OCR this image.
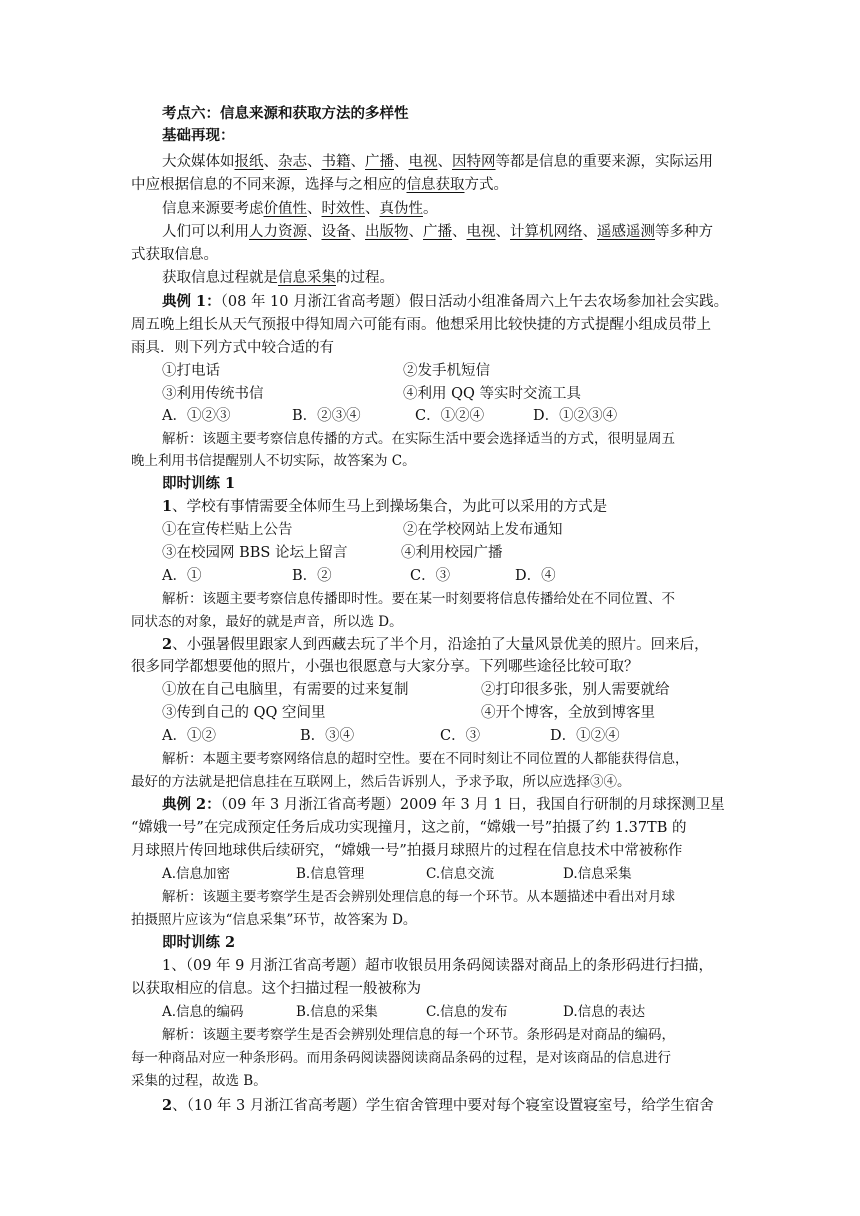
考点六：信息来源和获取方法的多样性
基础再现：
大众媒体如报纸、杂志、书籍、广播、电视、因特网等都是信息的重要来源，实际运用
中应根据信息的不同来源，选择与之相应的信息获取方式。
信息来源要考虑价值性、时效性、真伪性。
人们可以利用人力资源、设备、出版物、广播、电视、计算机网络、遥感遥测等多种方
式获取信息。
获取信息过程就是信息采集的过程。
典例 1：（08 年 10 月浙江省高考题）假日活动小组准备周六上午去农场参加社会实践。
周五晚上组长从天气预报中得知周六可能有雨。他想采用比较快捷的方式提醒小组成员带上
雨具．则下列方式中较合适的有
①打电话	②发手机短信
③利用传统书信	④利用 QQ 等实时交流工具
A．①②③	B．②③④	C．①②④	D．①②③④
解析：该题主要考察信息传播的方式。在实际生活中要会选择适当的方式，很明显周五
晚上利用书信提醒别人不切实际，故答案为 C。
即时训练 1
1、学校有事情需要全体师生马上到操场集合，为此可以采用的方式是
①在宣传栏贴上公告	②在学校网站上发布通知
③在校园网 BBS 论坛上留言	④利用校园广播
A．①	B．②	C．③	D．④
解析：该题主要考察信息传播即时性。要在某一时刻要将信息传播给处在不同位置、不
同状态的对象，最好的就是声音，所以选 D。
2、小强暑假里跟家人到西藏去玩了半个月，沿途拍了大量风景优美的照片。回来后，
很多同学都想要他的照片，小强也很愿意与大家分享。下列哪些途径比较可取？
①放在自己电脑里，有需要的过来复制	②打印很多张，别人需要就给
③传到自己的 QQ 空间里	④开个博客，全放到博客里
A．①②	B．③④	C．③	D．①②④
解析：本题主要考察网络信息的超时空性。要在不同时刻让不同位置的人都能获得信息，
最好的方法就是把信息挂在互联网上，然后告诉别人，予求予取，所以应选择③④。
典例 2：（09 年 3 月浙江省高考题）2009 年 3 月 1 日，我国自行研制的月球探测卫星
“嫦娥一号”在完成预定任务后成功实现撞月，这之前，“嫦娥一号”拍摄了约 1.37TB 的
月球照片传回地球供后续研究，“嫦娥一号”拍摄月球照片的过程在信息技术中常被称作
A.信息加密	B.信息管理	C.信息交流	D.信息采集
解析：该题主要考察学生是否会辨别处理信息的每一个环节。从本题描述中看出对月球
拍摄照片应该为“信息采集”环节，故答案为 D。
即时训练 2
1、（09 年 9 月浙江省高考题）超市收银员用条码阅读器对商品上的条形码进行扫描，
以获取相应的信息。这个扫描过程一般被称为
A.信息的编码	B.信息的采集	C.信息的发布	D.信息的表达
解析：该题主要考察学生是否会辨别处理信息的每一个环节。条形码是对商品的编码，
每一种商品对应一种条形码。而用条码阅读器阅读商品条码的过程，是对该商品的信息进行
采集的过程，故选 B。
2、（10 年 3 月浙江省高考题）学生宿舍管理中要对每个寝室设置寝室号，给学生宿舍
